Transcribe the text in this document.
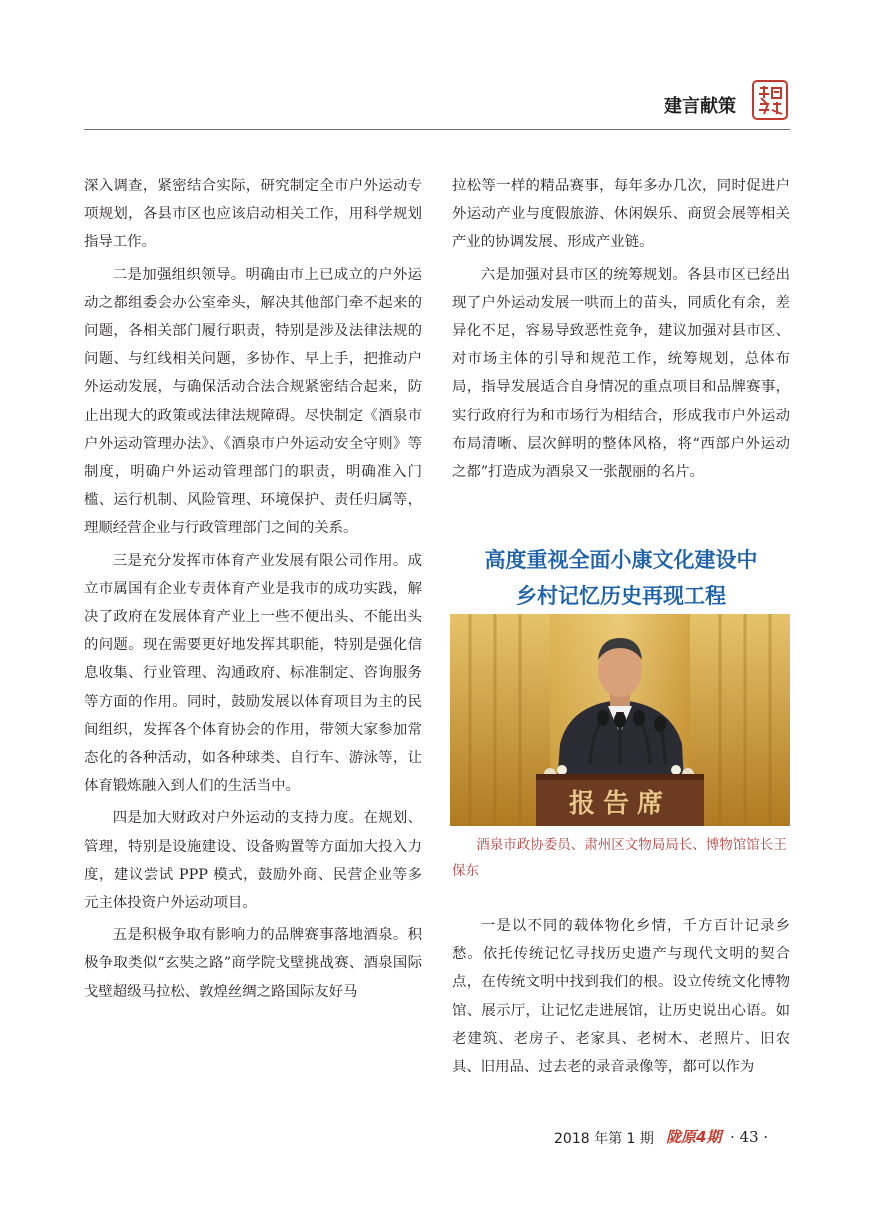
建言献策

深入调查，紧密结合实际，研究制定全市户外运动专项规划，各县市区也应该启动相关工作，用科学规划指导工作。

二是加强组织领导。明确由市上已成立的户外运动之都组委会办公室牵头，解决其他部门牵不起来的问题，各相关部门履行职责，特别是涉及法律法规的问题、与红线相关问题，多协作、早上手，把推动户外运动发展，与确保活动合法合规紧密结合起来，防止出现大的政策或法律法规障碍。尽快制定《酒泉市户外运动管理办法》、《酒泉市户外运动安全守则》等制度，明确户外运动管理部门的职责，明确准入门槛、运行机制、风险管理、环境保护、责任归属等，理顺经营企业与行政管理部门之间的关系。

三是充分发挥市体育产业发展有限公司作用。成立市属国有企业专责体育产业是我市的成功实践，解决了政府在发展体育产业上一些不便出头、不能出头的问题。现在需要更好地发挥其职能，特别是强化信息收集、行业管理、沟通政府、标准制定、咨询服务等方面的作用。同时，鼓励发展以体育项目为主的民间组织，发挥各个体育协会的作用，带领大家参加常态化的各种活动，如各种球类、自行车、游泳等，让体育锻炼融入到人们的生活当中。

四是加大财政对户外运动的支持力度。在规划、管理，特别是设施建设、设备购置等方面加大投入力度，建议尝试 PPP 模式，鼓励外商、民营企业等多元主体投资户外运动项目。

五是积极争取有影响力的品牌赛事落地酒泉。积极争取类似“玄奘之路”商学院戈壁挑战赛、酒泉国际戈壁超级马拉松、敦煌丝绸之路国际友好马

拉松等一样的精品赛事，每年多办几次，同时促进户外运动产业与度假旅游、休闲娱乐、商贸会展等相关产业的协调发展、形成产业链。

六是加强对县市区的统筹规划。各县市区已经出现了户外运动发展一哄而上的苗头，同质化有余，差异化不足，容易导致恶性竞争，建议加强对县市区、对市场主体的引导和规范工作，统筹规划，总体布局，指导发展适合自身情况的重点项目和品牌赛事，实行政府行为和市场行为相结合，形成我市户外运动布局清晰、层次鲜明的整体风格，将“西部户外运动之都”打造成为酒泉又一张靓丽的名片。

高度重视全面小康文化建设中
乡村记忆历史再现工程
报告席
酒泉市政协委员、肃州区文物局局长、博物馆馆长王保东

一是以不同的载体物化乡情，千方百计记录乡愁。依托传统记忆寻找历史遗产与现代文明的契合点，在传统文明中找到我们的根。设立传统文化博物馆、展示厅，让记忆走进展馆，让历史说出心语。如老建筑、老房子、老家具、老树木、老照片、旧农具、旧用品、过去老的录音录像等，都可以作为

2018 年第 1 期 陇原4期 · 43 ·
